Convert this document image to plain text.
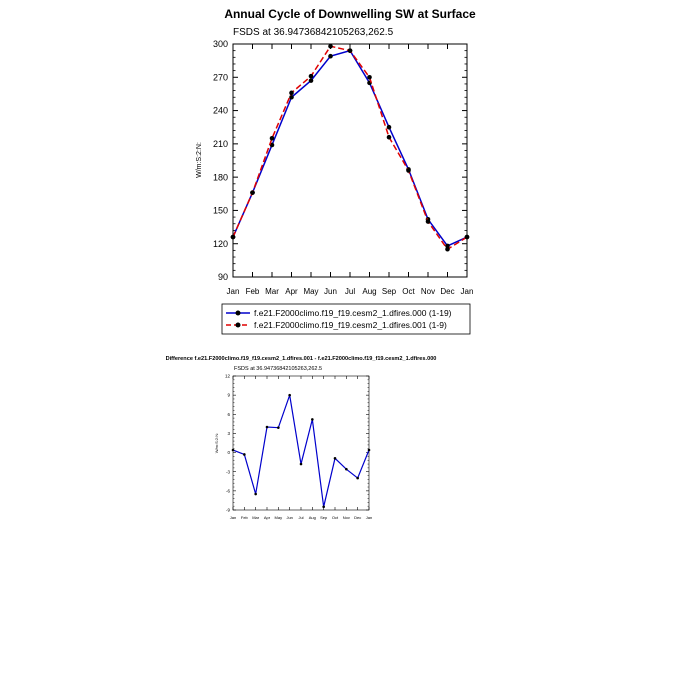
Annual Cycle of Downwelling SW at Surface
FSDS at 36.94736842105263,262.5
W/m:S:2:N:
90
120
150
180
210
240
270
300
Jan Feb Mar Apr May Jun Jul Aug Sep Oct Nov Dec Jan
f.e21.F2000climo.f19_f19.cesm2_1.dfires.000 (1-19)
f.e21.F2000climo.f19_f19.cesm2_1.dfires.001 (1-9)
Difference f.e21.F2000climo.f19_f19.cesm2_1.dfires.001 - f.e21.F2000climo.f19_f19.cesm2_1.dfires.000
FSDS at 36.94736842105263,262.5
W/m:S:2:N:
-9
-6
-3
0
3
6
9
12
Jan Feb Mar Apr May Jun Jul Aug Sep Oct Nov Dec Jan
